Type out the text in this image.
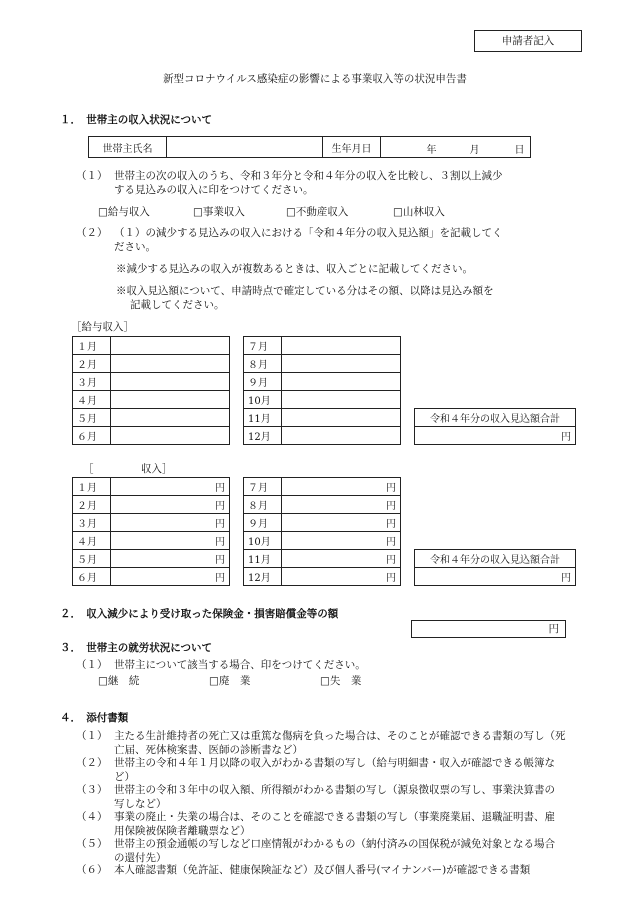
申請者記入
新型コロナウイルス感染症の影響による事業収入等の状況申告書
１．　世帯主の収入状況について
世帯主氏名		生年月日	年	月	日
（１） 世帯主の次の収入のうち、令和３年分と令和４年分の収入を比較し、３割以上減少
する見込みの収入に印をつけてください。
□給与収入	□事業収入	□不動産収入	□山林収入
（２） （１）の減少する見込みの収入における「令和４年分の収入見込額」を記載してく
ださい。
※減少する見込みの収入が複数あるときは、収入ごとに記載してください。
※収入見込額について、申請時点で確定している分はその額、以降は見込み額を
記載してください。
［給与収入］
１月	
２月	
３月	
４月	
５月	
６月	
７月	
８月	
９月	
10月	
11月	
12月	
令和４年分の収入見込額合計
円
［	収入］
１月	円
２月	円
３月	円
４月	円
５月	円
６月	円
７月	円
８月	円
９月	円
10月	円
11月	円
12月	円
令和４年分の収入見込額合計
円
２．　収入減少により受け取った保険金・損害賠償金等の額
円
３．　世帯主の就労状況について
（１） 世帯主について該当する場合、印をつけてください。
□継　続	□廃　業	□失　業
４．　添付書類
（１） 主たる生計維持者の死亡又は重篤な傷病を負った場合は、そのことが確認できる書類の写し（死
亡届、死体検案書、医師の診断書など）
（２） 世帯主の令和４年１月以降の収入がわかる書類の写し（給与明細書・収入が確認できる帳簿な
ど）
（３） 世帯主の令和３年中の収入額、所得額がわかる書類の写し（源泉徴収票の写し、事業決算書の
写しなど）
（４） 事業の廃止・失業の場合は、そのことを確認できる書類の写し（事業廃業届、退職証明書、雇
用保険被保険者離職票など）
（５） 世帯主の預金通帳の写しなど口座情報がわかるもの（納付済みの国保税が減免対象となる場合
の還付先）
（６） 本人確認書類（免許証、健康保険証など）及び個人番号(マイナンバー)が確認できる書類
